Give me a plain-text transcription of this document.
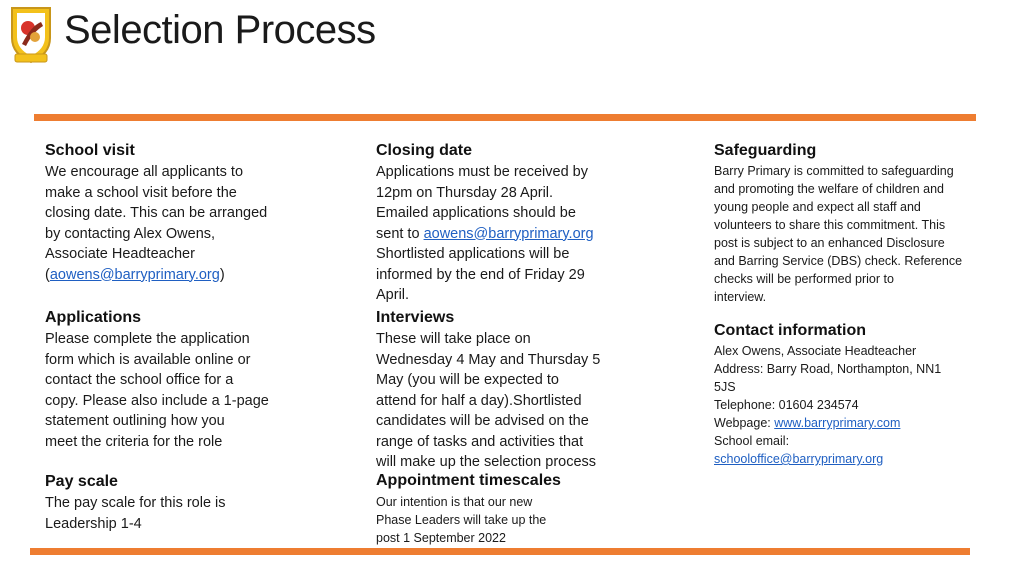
Selection Process
School visit

We encourage all applicants to
make a school visit before the
closing date. This can be arranged
by contacting Alex Owens,
Associate Headteacher
(aowens@barryprimary.org)

Applications

Please complete the application
form which is available online or
contact the school office for a
copy. Please also include a 1-page
statement outlining how you
meet the criteria for the role

Pay scale

The pay scale for this role is
Leadership 1-4

Closing date

Applications must be received by
12pm on Thursday 28 April.
Emailed applications should be
sent to aowens@barryprimary.org
Shortlisted applications will be
informed by the end of Friday 29
April.

Interviews

These will take place on
Wednesday 4 May and Thursday 5
May (you will be expected to
attend for half a day).Shortlisted
candidates will be advised on the
range of tasks and activities that
will make up the selection process

Appointment timescales

Our intention is that our new
Phase Leaders will take up the
post 1 September 2022

Safeguarding

Barry Primary is committed to safeguarding
and promoting the welfare of children and
young people and expect all staff and
volunteers to share this commitment. This
post is subject to an enhanced Disclosure
and Barring Service (DBS) check. Reference
checks will be performed prior to
interview.

Contact information

Alex Owens, Associate Headteacher
Address: Barry Road, Northampton, NN1
5JS
Telephone: 01604 234574
Webpage: www.barryprimary.com
School email:
schooloffice@barryprimary.org
